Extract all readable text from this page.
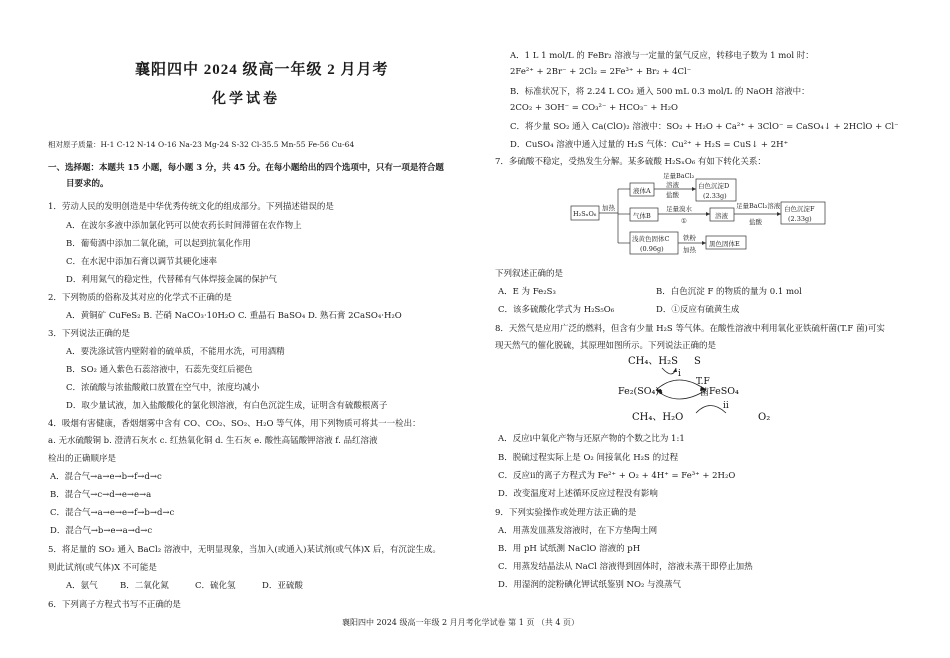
襄阳四中 2024 级高一年级 2 月月考
化学试卷
相对原子质量：H-1 C-12 N-14 O-16 Na-23 Mg-24 S-32 Cl-35.5 Mn-55 Fe-56 Cu-64
一、选择题：本题共 15 小题，每小题 3 分，共 45 分。在每小题给出的四个选项中，只有一项是符合题
目要求的。
1．劳动人民的发明创造是中华优秀传统文化的组成部分。下列描述错误的是
A．在波尔多液中添加氯化钙可以使农药长时间滞留在农作物上
B．葡萄酒中添加二氧化硫，可以起到抗氧化作用
C．在水泥中添加石膏以调节其硬化速率
D．利用氮气的稳定性，代替稀有气体焊接金属的保护气
2．下列物质的俗称及其对应的化学式不正确的是
A．黄铜矿 CuFeS₂ B. 芒硝 NaCO₃·10H₂O C. 重晶石 BaSO₄ D. 熟石膏 2CaSO₄·H₂O
3．下列说法正确的是
A．要洗涤试管内壁附着的硫单质，不能用水洗，可用酒精
B．SO₂ 通入紫色石蕊溶液中，石蕊先变红后褪色
C．浓硫酸与浓盐酸敞口放置在空气中，浓度均减小
D．取少量试液，加入盐酸酸化的氯化钡溶液，有白色沉淀生成，证明含有硫酸根离子
4．吸烟有害健康，香烟烟雾中含有 CO、CO₂、SO₂、H₂O 等气体，用下列物质可将其一一检出：
a. 无水硫酸铜 b. 澄清石灰水 c. 红热氧化铜 d. 生石灰 e. 酸性高锰酸钾溶液 f. 品红溶液
检出的正确顺序是
A．混合气→a→e→b→f→d→c
B．混合气→c→d→e→e→a
C．混合气→a→e→e→f→b→d→c
D．混合气→b→e→a→d→c
5．将足量的 SO₂ 通入 BaCl₂ 溶液中，无明显现象，当加入(或通入)某试剂(或气体)X 后，有沉淀生成。
则此试剂(或气体)X 不可能是
A．氨气	B．二氧化氮	C．硫化氢	D．亚硫酸
6．下列离子方程式书写不正确的是
A．1 L 1 mol/L 的 FeBr₂ 溶液与一定量的氯气反应，转移电子数为 1 mol 时：
2Fe²⁺ + 2Br⁻ + 2Cl₂ = 2Fe³⁺ + Br₂ + 4Cl⁻
B．标准状况下，将 2.24 L CO₂ 通入 500 mL 0.3 mol/L 的 NaOH 溶液中：
2CO₂ + 3OH⁻ = CO₃²⁻ + HCO₃⁻ + H₂O
C．将少量 SO₂ 通入 Ca(ClO)₂ 溶液中：SO₂ + H₂O + Ca²⁺ + 3ClO⁻ = CaSO₄↓ + 2HClO + Cl⁻
D．CuSO₄ 溶液中通入过量的 H₂S 气体：Cu²⁺ + H₂S = CuS↓ + 2H⁺
7．多硫酸不稳定，受热发生分解。某多硫酸 H₂SₓO₆ 有如下转化关系：
H₂SₓO₆
加热
液体A
足量BaCl₂
溶液
盐酸
白色沉淀D
(2.33g)
气体B
足量溴水
①
溶液
足量BaCl₂溶液
盐酸
白色沉淀F
(2.33g)
浅黄色固体C
(0.96g)
铁粉
加热
黑色固体E
下列叙述正确的是
A．E 为 Fe₂S₃	B．白色沉淀 F 的物质的量为 0.1 mol
C．该多硫酸化学式为 H₂S₅O₆	D．①反应有硫黄生成
8．天然气是应用广泛的燃料，但含有少量 H₂S 等气体。在酸性溶液中利用氧化亚铁硫杆菌(T.F 菌)可实
现天然气的催化脱硫，其原理如图所示。下列说法正确的是
CH₄、H₂S S
i
Fe₂(SO₄)₃
T.F
菌 FeSO₄
ii
CH₄、H₂O	O₂
A．反应i中氧化产物与还原产物的个数之比为 1:1
B．脱硫过程实际上是 O₂ 间接氧化 H₂S 的过程
C．反应ii的离子方程式为 Fe²⁺ + O₂ + 4H⁺ = Fe³⁺ + 2H₂O
D．改变温度对上述循环反应过程没有影响
9．下列实验操作或处理方法正确的是
A．用蒸发皿蒸发溶液时，在下方垫陶土网
B．用 pH 试纸测 NaClO 溶液的 pH
C．用蒸发结晶法从 NaCl 溶液得到固体时，溶液未蒸干即停止加热
D．用湿润的淀粉碘化钾试纸鉴别 NO₂ 与溴蒸气
襄阳四中 2024 级高一年级 2 月月考化学试卷 第 1 页 （共 4 页）
